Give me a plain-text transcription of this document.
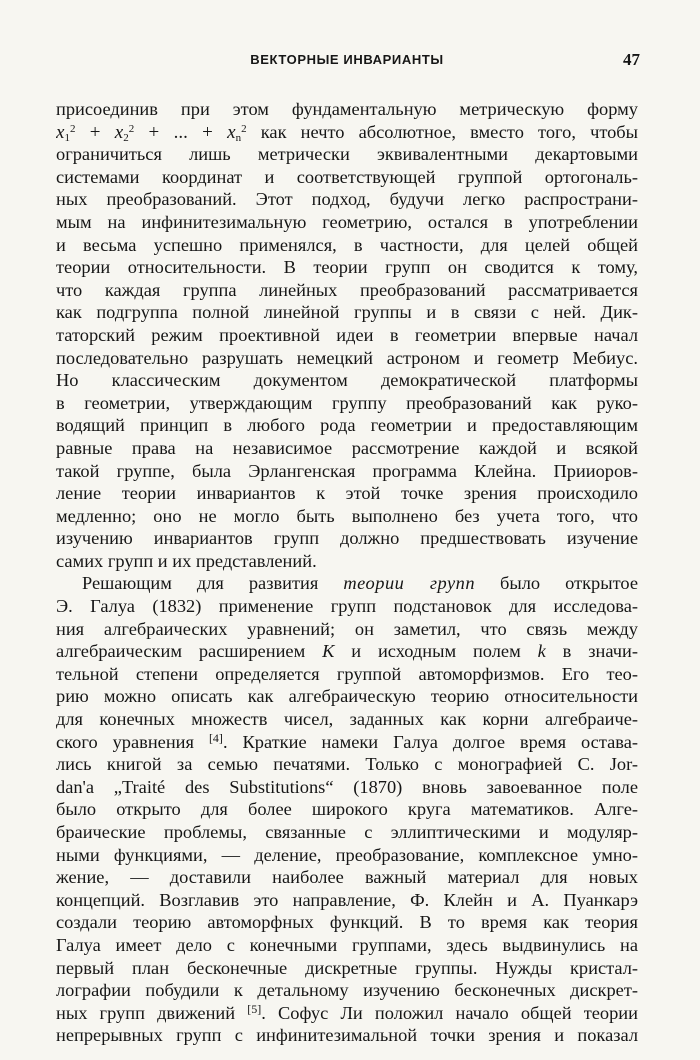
ВЕКТОРНЫЕ ИНВАРИАНТЫ	47
присоединив при этом фундаментальную метрическую форму
$x_1^2 + x_2^2$ + ... + $x_n^2$ как нечто абсолютное, вместо того, чтобы
ограничиться лишь метрически эквивалентными декартовыми
системами координат и соответствующей группой ортогональ-
ных преобразований. Этот подход, будучи легко распространи-
мым на инфинитезимальную геометрию, остался в употреблении
и весьма успешно применялся, в частности, для целей общей
теории относительности. В теории групп он сводится к тому,
что каждая группа линейных преобразований рассматривается
как подгруппа полной линейной группы и в связи с ней. Дик-
таторский режим проективной идеи в геометрии впервые начал
последовательно разрушать немецкий астроном и геометр Мебиус.
Но классическим документом демократической платформы
в геометрии, утверждающим группу преобразований как руко-
водящий принцип в любого рода геометрии и предоставляющим
равные права на независимое рассмотрение каждой и всякой
такой группе, была Эрлангенская программа Клейна. Прииоров-
ление теории инвариантов к этой точке зрения происходило
медленно; оно не могло быть выполнено без учета того, что
изучению инвариантов групп должно предшествовать изучение
самих групп и их представлений.
Решающим для развития теории групп было открытое
Э. Галуа (1832) применение групп подстановок для исследова-
ния алгебраических уравнений; он заметил, что связь между
алгебраическим расширением K и исходным полем k в значи-
тельной степени определяется группой автоморфизмов. Его тео-
рию можно описать как алгебраическую теорию относительности
для конечных множеств чисел, заданных как корни алгебраиче-
ского уравнения [4]. Краткие намеки Галуа долгое время остава-
лись книгой за семью печатями. Только с монографией С. Jor-
dan'a „Traité des Substitutions“ (1870) вновь завоеванное поле
было открыто для более широкого круга математиков. Алге-
браические проблемы, связанные с эллиптическими и модуляр-
ными функциями, — деление, преобразование, комплексное умно-
жение, — доставили наиболее важный материал для новых
концепций. Возглавив это направление, Ф. Клейн и А. Пуанкарэ
создали теорию автоморфных функций. В то время как теория
Галуа имеет дело с конечными группами, здесь выдвинулись на
первый план бесконечные дискретные группы. Нужды кристал-
лографии побудили к детальному изучению бесконечных дискрет-
ных групп движений [5]. Софус Ли положил начало общей теории
непрерывных групп с инфинитезимальной точки зрения и показал
